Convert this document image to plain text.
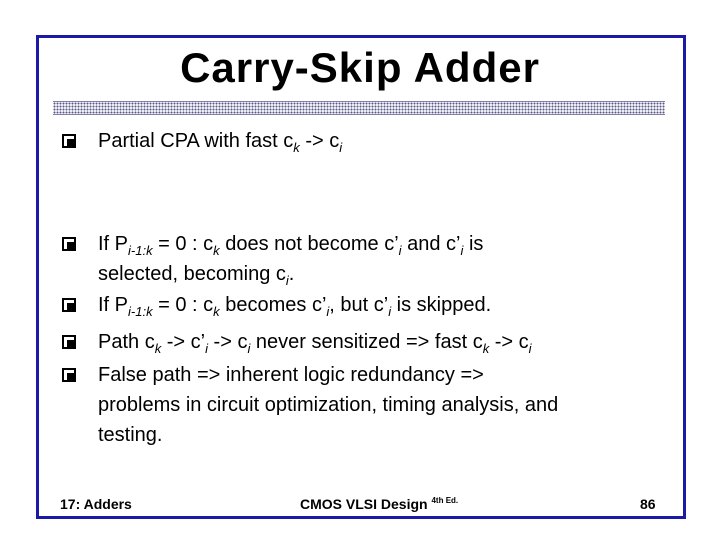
Carry-Skip Adder
Partial CPA with fast $c_k -> c_i$
If $P_{i-1:k} = 0$ : $c_k$ does not become $c’_i$ and $c’_i$ is
selected, becoming $c_i$.
If $P_{i-1:k} = 0$ : $c_k$ becomes $c’_i$, but $c’_i$ is skipped.
Path $c_k$ -> $c’_i -> c_i$ never sensitized => fast $c_k -> c_i$
False path => inherent logic redundancy =>
problems in circuit optimization, timing analysis, and
testing.
17: Adders	CMOS VLSI Design $^{4th Ed.}$	86
